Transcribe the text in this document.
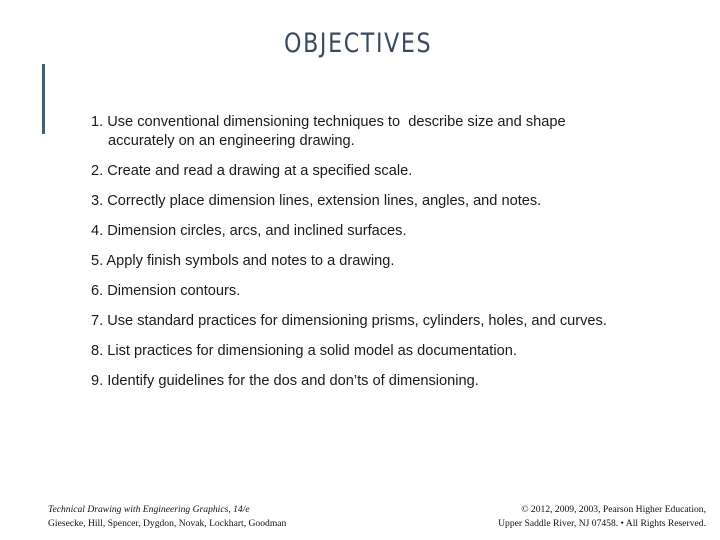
OBJECTIVES
1. Use conventional dimensioning techniques to  describe size and shape accurately on an engineering drawing.
2. Create and read a drawing at a specified scale.
3. Correctly place dimension lines, extension lines, angles, and notes.
4. Dimension circles, arcs, and inclined surfaces.
5. Apply finish symbols and notes to a drawing.
6. Dimension contours.
7. Use standard practices for dimensioning prisms, cylinders, holes, and curves.
8. List practices for dimensioning a solid model as documentation.
9. Identify guidelines for the dos and don’ts of dimensioning.
Technical Drawing with Engineering Graphics, 14/e
Giesecke, Hill, Spencer, Dygdon, Novak, Lockhart, Goodman
© 2012, 2009, 2003, Pearson Higher Education,
Upper Saddle River, NJ 07458. • All Rights Reserved.
